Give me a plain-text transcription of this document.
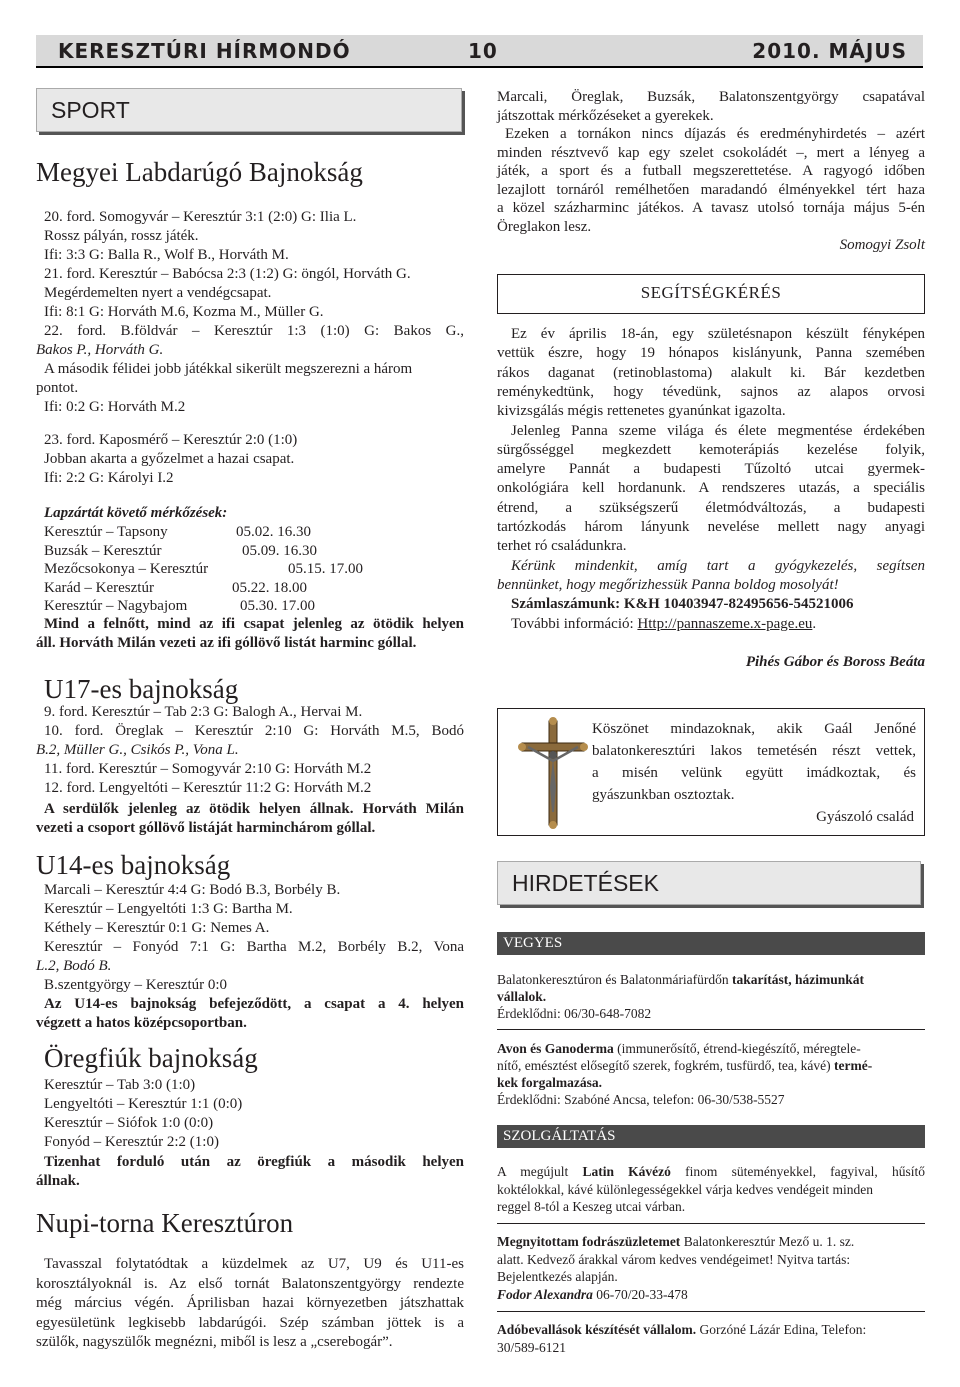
KERESZTÚRI HÍRMONDÓ	10	2010. MÁJUS
SPORT
Megyei Labdarúgó Bajnokság
20. ford. Somogyvár – Keresztúr 3:1 (2:0) G: Ilia L.
Rossz pályán, rossz játék.
Ifi: 3:3 G: Balla R., Wolf B., Horváth M.
21. ford. Keresztúr – Babócsa 2:3 (1:2) G: öngól, Horváth G.
Megérdemelten nyert a vendégcsapat.
Ifi: 8:1 G: Horváth M.6, Kozma M., Müller G.
22. ford. B.földvár – Keresztúr 1:3 (1:0) G: Bakos G.,
Bakos P., Horváth G.
A második félidei jobb játékkal sikerült megszerezni a három
pontot.
Ifi: 0:2 G: Horváth M.2
23. ford. Kaposmérő – Keresztúr 2:0 (1:0)
Jobban akarta a győzelmet a hazai csapat.
Ifi: 2:2 G: Károlyi I.2
Lapzártát követő mérkőzések:
Keresztúr – Tapsony	05.02. 16.30
Buzsák – Keresztúr	05.09. 16.30
Mezőcsokonya – Keresztúr	05.15. 17.00
Karád – Keresztúr	05.22. 18.00
Keresztúr – Nagybajom	05.30. 17.00
Mind a felnőtt, mind az ifi csapat jelenleg az ötödik helyen
áll. Horváth Milán vezeti az ifi góllövő listát harminc góllal.
U17-es bajnokság
9. ford. Keresztúr – Tab 2:3 G: Balogh A., Hervai M.
10. ford. Öreglak – Keresztúr 2:10 G: Horváth M.5, Bodó
B.2, Müller G., Csikós P., Vona L.
11. ford. Keresztúr – Somogyvár 2:10 G: Horváth M.2
12. ford. Lengyeltóti – Keresztúr 11:2 G: Horváth M.2
A serdülők jelenleg az ötödik helyen állnak. Horváth Milán
vezeti a csoport góllövő listáját harminchárom góllal.
U14-es bajnokság
Marcali – Keresztúr 4:4 G: Bodó B.3, Borbély B.
Keresztúr – Lengyeltóti 1:3 G: Bartha M.
Kéthely – Keresztúr 0:1 G: Nemes A.
Keresztúr – Fonyód 7:1 G: Bartha M.2, Borbély B.2, Vona
L.2, Bodó B.
B.szentgyörgy – Keresztúr 0:0
Az U14-es bajnokság befejeződött, a csapat a 4. helyen
végzett a hatos középcsoportban.
Öregfiúk bajnokság
Keresztúr – Tab 3:0 (1:0)
Lengyeltóti – Keresztúr 1:1 (0:0)
Keresztúr – Siófok 1:0 (0:0)
Fonyód – Keresztúr 2:2 (1:0)
Tizenhat forduló után az öregfiúk a második helyen
állnak.
Nupi-torna Keresztúron
Tavasszal folytatódtak a küzdelmek az U7, U9 és U11-es
korosztályoknál is. Az első tornát Balatonszentgyörgy rendezte
még március végén. Áprilisban hazai környezetben játszhattak
egyesületünk legkisebb labdarúgói. Szép számban jöttek is a
szülők, nagyszülők megnézni, miből is lesz a „cserebogár”.
Marcali, Öreglak, Buzsák, Balatonszentgyörgy csapatával
játszottak mérkőzéseket a gyerekek.
Ezeken a tornákon nincs díjazás és eredményhirdetés – azért
minden résztvevő kap egy szelet csokoládét –, mert a lényeg a
játék, a sport és a futball megszerettetése. A ragyogó időben
lezajlott tornáról remélhetően maradandó élményekkel tért haza
a közel százharminc játékos. A tavasz utolsó tornája május 5-én
Öreglakon lesz.
Somogyi Zsolt
SEGÍTSÉGKÉRÉS
Ez év április 18-án, egy születésnapon készült fényképen
vettük észre, hogy 19 hónapos kislányunk, Panna szemében
rákos daganat (retinoblastoma) alakult ki. Bár kezdetben
reménykedtünk, hogy tévedünk, sajnos az alapos orvosi
kivizsgálás mégis rettenetes gyanúnkat igazolta.
Jelenleg Panna szeme világa és élete megmentése érdekében
sürgősséggel megkezdett kemoterápiás kezelése folyik,
amelyre Pannát a budapesti Tűzoltó utcai gyermek-
onkológiára kell hordanunk. A rendszeres utazás, a speciális
étrend, a szükségszerű életmódváltozás, a budapesti
tartózkodás három lányunk nevelése mellett nagy anyagi
terhet ró családunkra.
Kérünk mindenkit, amíg tart a gyógykezelés, segítsen
bennünket, hogy megőrizhessük Panna boldog mosolyát!
Számlaszámunk: K&H 10403947-82495656-54521006
További információ: Http://pannaszeme.x-page.eu.
Pihés Gábor és Boross Beáta
Köszönet mindazoknak, akik Gaál Jenőné
balatonkeresztúri lakos temetésén részt vettek,
a misén velünk együtt imádkoztak, és
gyászunkban osztoztak.
Gyászoló család
HIRDETÉSEK
VEGYES
Balatonkeresztúron és Balatonmáriafürdőn takarítást, házimunkát
vállalok.
Érdeklődni: 06/30-648-7082
Avon és Ganoderma (immunerősítő, étrend-kiegészítő, méregtele-
nítő, emésztést elősegítő szerek, fogkrém, tusfürdő, tea, kávé) termé-
kek forgalmazása.
Érdeklődni: Szabóné Ancsa, telefon: 06-30/538-5527
SZOLGÁLTATÁS
A megújult Latin Kávézó finom süteményekkel, fagyival, hűsítő
koktélokkal, kávé különlegességekkel várja kedves vendégeit minden
reggel 8-tól a Keszeg utcai várban.
Megnyitottam fodrászüzletemet Balatonkeresztúr Mező u. 1. sz.
alatt. Kedvező árakkal várom kedves vendégeimet! Nyitva tartás:
Bejelentkezés alapján.
Fodor Alexandra 06-70/20-33-478
Adóbevallások készítését vállalom. Gorzóné Lázár Edina, Telefon:
30/589-6121
